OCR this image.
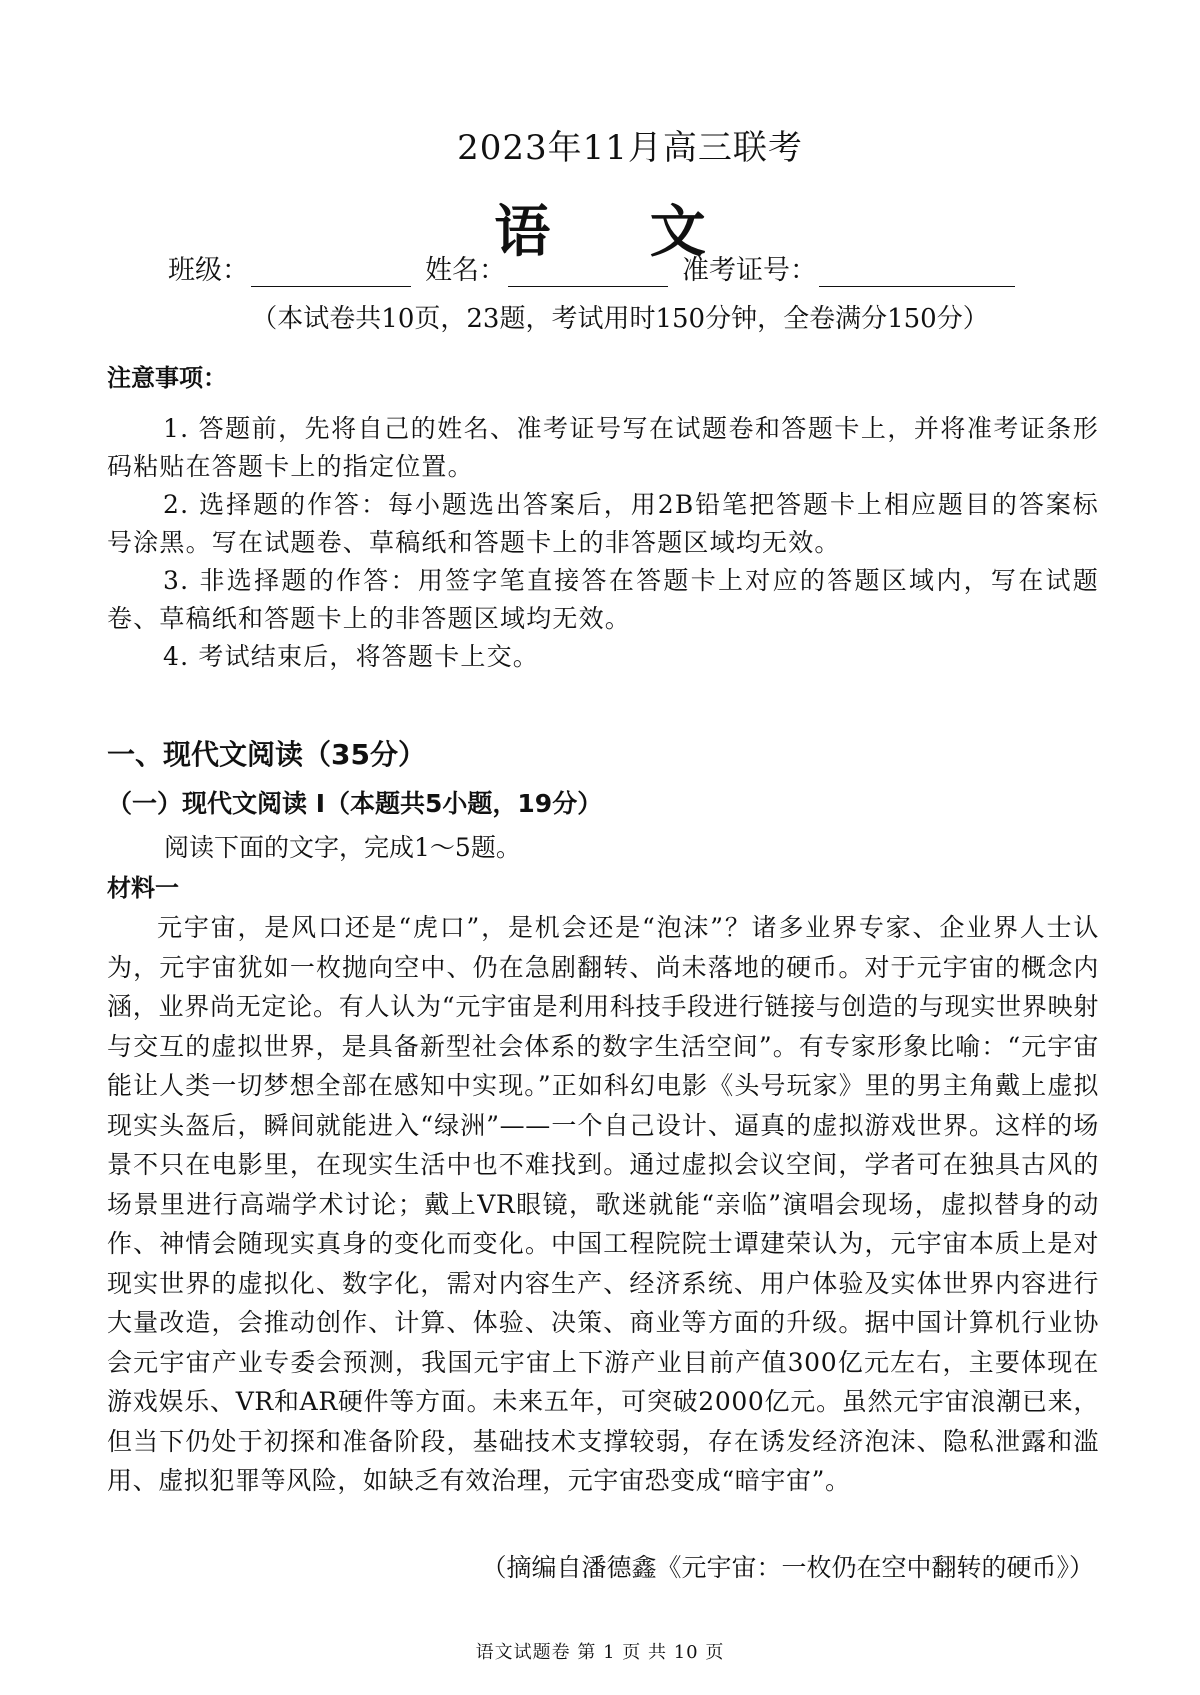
2023年11月高三联考
语 文
班级：	姓名：	准考证号：
（本试卷共10页，23题，考试用时150分钟，全卷满分150分）
注意事项：

1. 答题前，先将自己的姓名、准考证号写在试题卷和答题卡上，并将准考证条形码粘贴在答题卡上的指定位置。

2. 选择题的作答：每小题选出答案后，用2B铅笔把答题卡上相应题目的答案标号涂黑。写在试题卷、草稿纸和答题卡上的非答题区域均无效。

3. 非选择题的作答：用签字笔直接答在答题卡上对应的答题区域内，写在试题卷、草稿纸和答题卡上的非答题区域均无效。

4. 考试结束后，将答题卡上交。

一、现代文阅读（35分）
（一）现代文阅读 I（本题共5小题，19分）
阅读下面的文字，完成1～5题。
材料一

元宇宙，是风口还是“虎口”，是机会还是“泡沫”？诸多业界专家、企业界人士认为，元宇宙犹如一枚抛向空中、仍在急剧翻转、尚未落地的硬币。对于元宇宙的概念内涵，业界尚无定论。有人认为“元宇宙是利用科技手段进行链接与创造的与现实世界映射与交互的虚拟世界，是具备新型社会体系的数字生活空间”。有专家形象比喻：“元宇宙能让人类一切梦想全部在感知中实现。”正如科幻电影《头号玩家》里的男主角戴上虚拟现实头盔后，瞬间就能进入“绿洲”——一个自己设计、逼真的虚拟游戏世界。这样的场景不只在电影里，在现实生活中也不难找到。通过虚拟会议空间，学者可在独具古风的场景里进行高端学术讨论；戴上VR眼镜，歌迷就能“亲临”演唱会现场，虚拟替身的动作、神情会随现实真身的变化而变化。中国工程院院士谭建荣认为，元宇宙本质上是对现实世界的虚拟化、数字化，需对内容生产、经济系统、用户体验及实体世界内容进行大量改造，会推动创作、计算、体验、决策、商业等方面的升级。据中国计算机行业协会元宇宙产业专委会预测，我国元宇宙上下游产业目前产值300亿元左右，主要体现在游戏娱乐、VR和AR硬件等方面。未来五年，可突破2000亿元。虽然元宇宙浪潮已来，但当下仍处于初探和准备阶段，基础技术支撑较弱，存在诱发经济泡沫、隐私泄露和滥用、虚拟犯罪等风险，如缺乏有效治理，元宇宙恐变成“暗宇宙”。

（摘编自潘德鑫《元宇宙：一枚仍在空中翻转的硬币》）
语文试题卷 第 1 页 共 10 页
